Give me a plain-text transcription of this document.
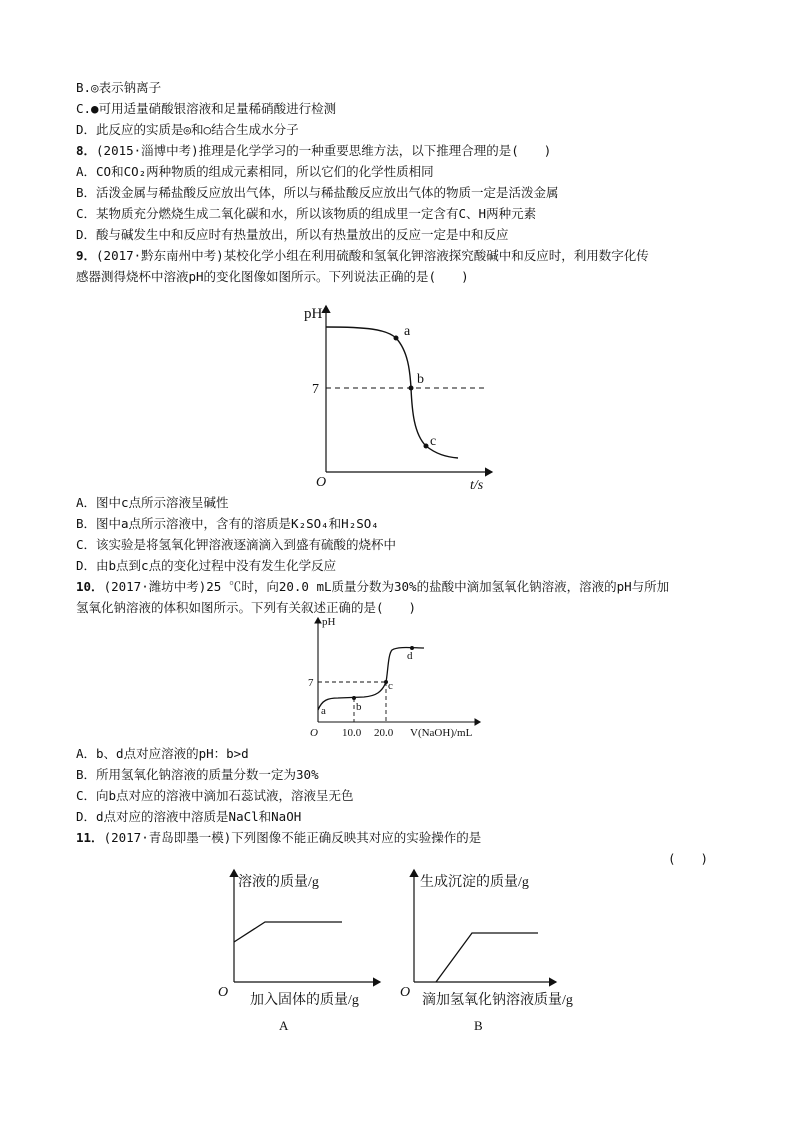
B.◎表示钠离子
C.●可用适量硝酸银溶液和足量稀硝酸进行检测
D．此反应的实质是◎和○结合生成水分子
8．(2015·淄博中考)推理是化学学习的一种重要思维方法，以下推理合理的是(　　)
A．CO和CO₂两种物质的组成元素相同，所以它们的化学性质相同
B．活泼金属与稀盐酸反应放出气体，所以与稀盐酸反应放出气体的物质一定是活泼金属
C．某物质充分燃烧生成二氧化碳和水，所以该物质的组成里一定含有C、H两种元素
D．酸与碱发生中和反应时有热量放出，所以有热量放出的反应一定是中和反应
9．(2017·黔东南州中考)某校化学小组在利用硫酸和氢氧化钾溶液探究酸碱中和反应时，利用数字化传
感器测得烧杯中溶液pH的变化图像如图所示。下列说法正确的是(　　)
pH
7
O	t/s
a
b
c
A．图中c点所示溶液呈碱性
B．图中a点所示溶液中，含有的溶质是K₂SO₄和H₂SO₄
C．该实验是将氢氧化钾溶液逐滴滴入到盛有硫酸的烧杯中
D．由b点到c点的变化过程中没有发生化学反应
10．(2017·潍坊中考)25 ℃时，向20.0 mL质量分数为30%的盐酸中滴加氢氧化钠溶液，溶液的pH与所加
氢氧化钠溶液的体积如图所示。下列有关叙述正确的是(　　)
pH
7
O 10.0 20.0 V(NaOH)/mL
a	b
c
d
A．b、d点对应溶液的pH：b>d
B．所用氢氧化钠溶液的质量分数一定为30%
C．向b点对应的溶液中滴加石蕊试液，溶液呈无色
D．d点对应的溶液中溶质是NaCl和NaOH
11．(2017·青岛即墨一模)下列图像不能正确反映其对应的实验操作的是
(　　)
溶液的质量/g
O
加入固体的质量/g
A
生成沉淀的质量/g
O
滴加氢氧化钠溶液质量/g
B
